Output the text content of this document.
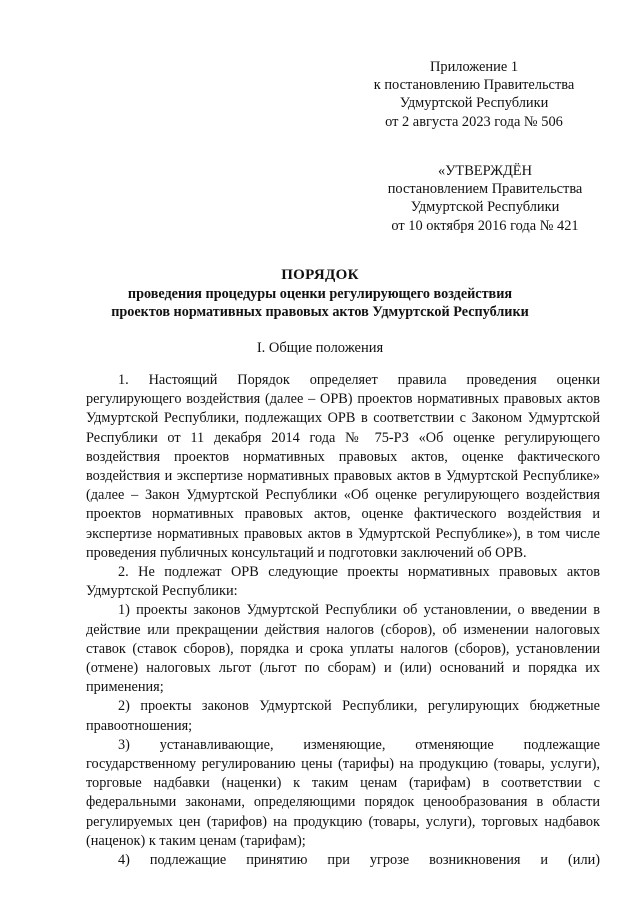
Приложение 1
к постановлению Правительства
Удмуртской Республики
от 2 августа 2023 года № 506
«УТВЕРЖДЁН
постановлением Правительства
Удмуртской Республики
от 10 октября 2016 года № 421
ПОРЯДОК
проведения процедуры оценки регулирующего воздействия
проектов нормативных правовых актов Удмуртской Республики
I. Общие положения

1. Настоящий Порядок определяет правила проведения оценки регулирующего воздействия (далее – ОРВ) проектов нормативных правовых актов Удмуртской Республики, подлежащих ОРВ в соответствии с Законом Удмуртской Республики от 11 декабря 2014 года № 75-РЗ «Об оценке регулирующего воздействия проектов нормативных правовых актов, оценке фактического воздействия и экспертизе нормативных правовых актов в Удмуртской Республике» (далее – Закон Удмуртской Республики «Об оценке регулирующего воздействия проектов нормативных правовых актов, оценке фактического воздействия и экспертизе нормативных правовых актов в Удмуртской Республике»), в том числе проведения публичных консультаций и подготовки заключений об ОРВ.

2. Не подлежат ОРВ следующие проекты нормативных правовых актов Удмуртской Республики:

1) проекты законов Удмуртской Республики об установлении, о введении в действие или прекращении действия налогов (сборов), об изменении налоговых ставок (ставок сборов), порядка и срока уплаты налогов (сборов), установлении (отмене) налоговых льгот (льгот по сборам) и (или) оснований и порядка их применения;

2) проекты законов Удмуртской Республики, регулирующих бюджетные правоотношения;

3) устанавливающие, изменяющие, отменяющие подлежащие государственному регулированию цены (тарифы) на продукцию (товары, услуги), торговые надбавки (наценки) к таким ценам (тарифам) в соответствии с федеральными законами, определяющими порядок ценообразования в области регулируемых цен (тарифов) на продукцию (товары, услуги), торговых надбавок (наценок) к таким ценам (тарифам);

4) подлежащие принятию при угрозе возникновения и (или)
